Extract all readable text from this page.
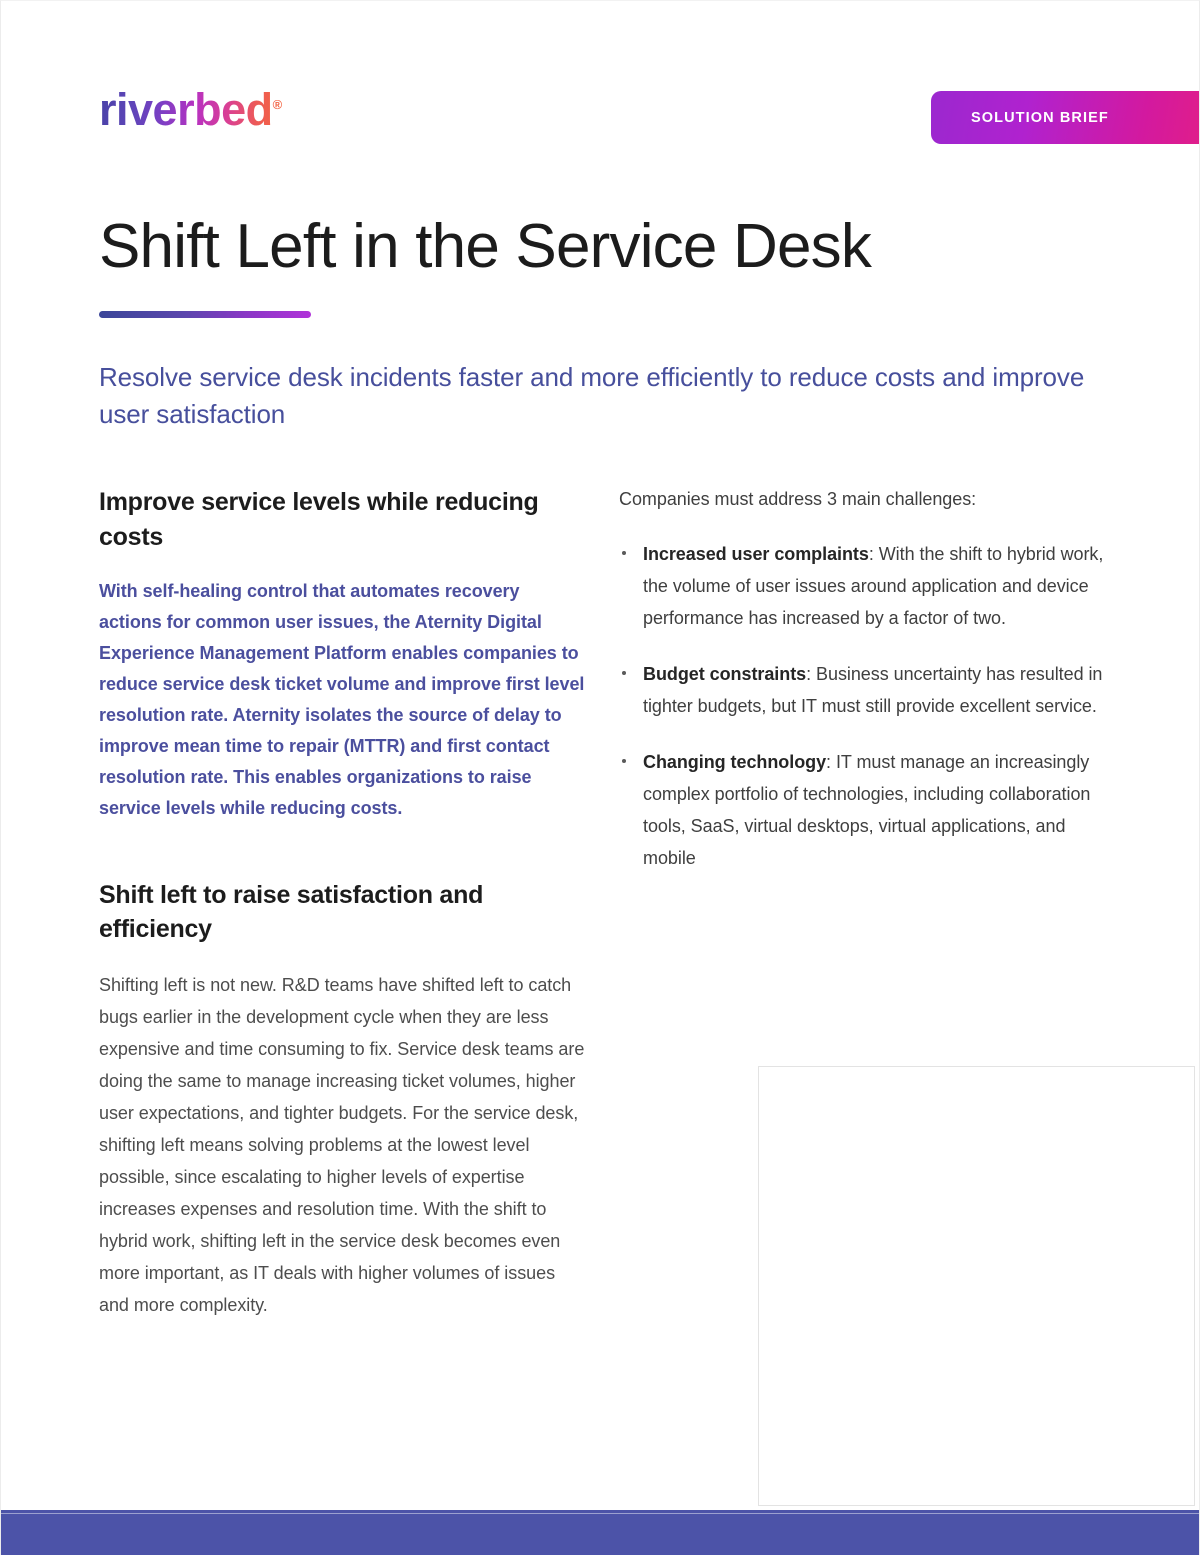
riverbed®
SOLUTION BRIEF
Shift Left in the Service Desk

Resolve service desk incidents faster and more efficiently to reduce costs and improve user satisfaction

Improve service levels while reducing costs

With self-healing control that automates recovery actions for common user issues, the Aternity Digital Experience Management Platform enables companies to reduce service desk ticket volume and improve first level resolution rate. Aternity isolates the source of delay to improve mean time to repair (MTTR) and first contact resolution rate. This enables organizations to raise service levels while reducing costs.

Shift left to raise satisfaction and efficiency

Shifting left is not new. R&D teams have shifted left to catch bugs earlier in the development cycle when they are less expensive and time consuming to fix. Service desk teams are doing the same to manage increasing ticket volumes, higher user expectations, and tighter budgets. For the service desk, shifting left means solving problems at the lowest level possible, since escalating to higher levels of expertise increases expenses and resolution time. With the shift to hybrid work, shifting left in the service desk becomes even more important, as IT deals with higher volumes of issues and more complexity.

Companies must address 3 main challenges:

Increased user complaints: With the shift to hybrid work, the volume of user issues around application and device performance has increased by a factor of two.
Budget constraints: Business uncertainty has resulted in tighter budgets, but IT must still provide excellent service.
Changing technology: IT must manage an increasingly complex portfolio of technologies, including collaboration tools, SaaS, virtual desktops, virtual applications, and mobile
